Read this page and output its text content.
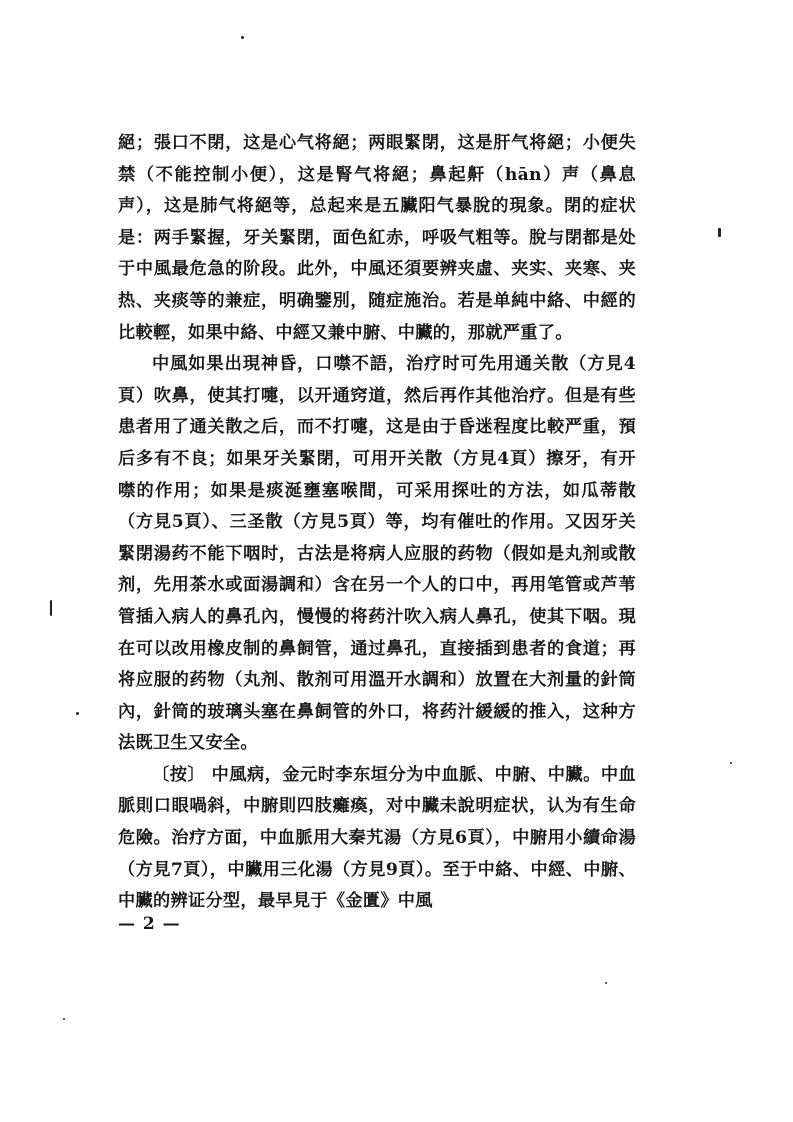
絕；張口不閉，这是心气将絕；两眼緊閉，这是肝气将絕；小便失禁（不能控制小便），这是腎气将絕；鼻起鼾（hān）声（鼻息声），这是肺气将絕等，总起来是五臟阳气暴脫的現象。閉的症状是：两手緊握，牙关緊閉，面色紅赤，呼吸气粗等。脫与閉都是处于中風最危急的阶段。此外，中風还須要辨夹虛、夹实、夹寒、夹热、夹痰等的兼症，明确鑒別，随症施治。若是单純中絡、中經的比較輕，如果中絡、中經又兼中腑、中臟的，那就严重了。

中風如果出現神昏，口噤不語，治疗时可先用通关散（方見4頁）吹鼻，使其打嚏，以开通窍道，然后再作其他治疗。但是有些患者用了通关散之后，而不打嚏，这是由于昏迷程度比較严重，預后多有不良；如果牙关緊閉，可用开关散（方見4頁）擦牙，有开噤的作用；如果是痰涎壅塞喉間，可采用探吐的方法，如瓜蒂散（方見5頁）、三圣散（方見5頁）等，均有催吐的作用。又因牙关緊閉湯药不能下咽时，古法是将病人应服的药物（假如是丸剂或散剂，先用茶水或面湯調和）含在另一个人的口中，再用笔管或芦苇管插入病人的鼻孔內，慢慢的将药汁吹入病人鼻孔，使其下咽。現在可以改用橡皮制的鼻飼管，通过鼻孔，直接插到患者的食道；再将应服的药物（丸剂、散剂可用溫开水調和）放置在大剂量的針筒內，針筒的玻璃头塞在鼻飼管的外口，将药汁緩緩的推入，这种方法既卫生又安全。

〔按〕 中風病，金元时李东垣分为中血脈、中腑、中臟。中血脈則口眼喎斜，中腑則四肢癱瘓，对中臟未說明症状，认为有生命危險。治疗方面，中血脈用大秦艽湯（方見6頁），中腑用小續命湯（方見7頁），中臟用三化湯（方見9頁）。至于中絡、中經、中腑、中臟的辨证分型，最早見于《金匱》中風

— 2 —
